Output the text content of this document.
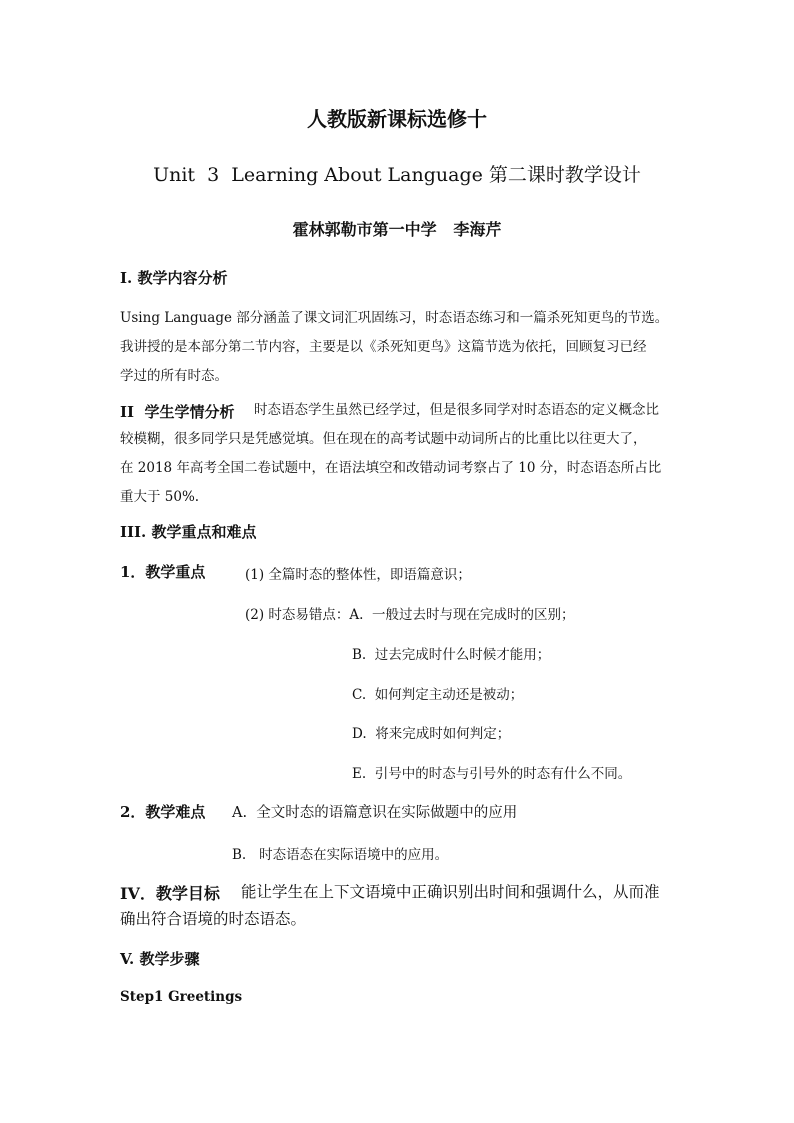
人教版新课标选修十
Unit  3  Learning About Language 第二课时教学设计
霍林郭勒市第一中学   李海芹
I. 教学内容分析
Using Language 部分涵盖了课文词汇巩固练习，时态语态练习和一篇杀死知更鸟的节选。
我讲授的是本部分第二节内容，主要是以《杀死知更鸟》这篇节选为依托，回顾复习已经
学过的所有时态。
II  学生学情分析 时态语态学生虽然已经学过，但是很多同学对时态语态的定义概念比
较模糊，很多同学只是凭感觉填。但在现在的高考试题中动词所占的比重比以往更大了，
在 2018 年高考全国二卷试题中，在语法填空和改错动词考察占了 10 分，时态语态所占比
重大于 50%.
III. 教学重点和难点
1．教学重点	(1) 全篇时态的整体性，即语篇意识；
(2) 时态易错点：A.  一般过去时与现在完成时的区别；
B.  过去完成时什么时候才能用；
C.  如何判定主动还是被动；
D.  将来完成时如何判定；
E.  引号中的时态与引号外的时态有什么不同。
2．教学难点 A.  全文时态的语篇意识在实际做题中的应用
B.   时态语态在实际语境中的应用。
IV．教学目标 能让学生在上下文语境中正确识别出时间和强调什么，从而准
确出符合语境的时态语态。
V. 教学步骤
Step1 Greetings
